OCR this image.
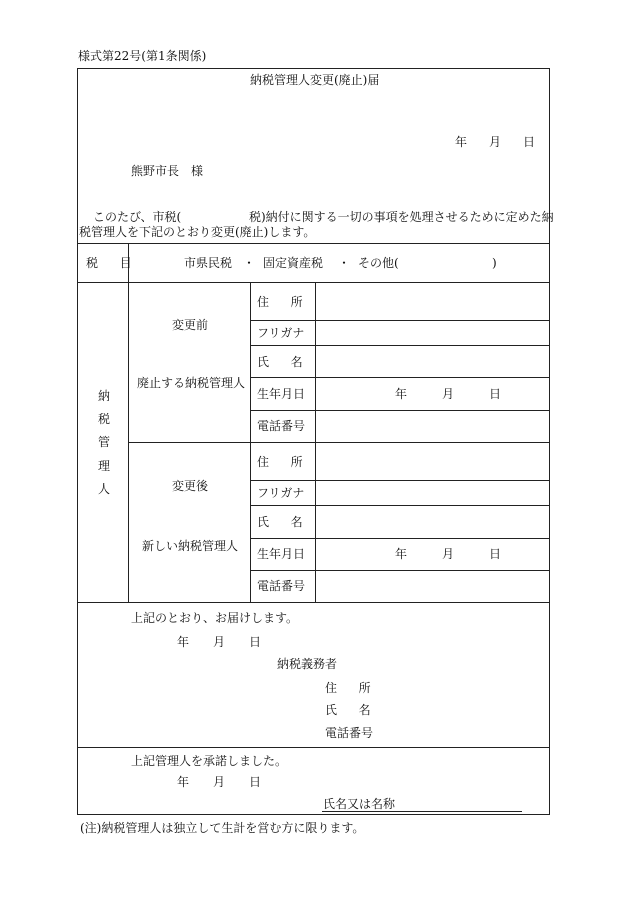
様式第22号(第1条関係)
納税管理人変更(廃止)届
年 月 日
熊野市長　様
このたび、市税(	税)納付に関する一切の事項を処理させるために定めた納
税管理人を下記のとおり変更(廃止)します。
税　目	市県民税 ・ 固定資産税 ・ その他(	)
納
税
管
理
人
変更前
廃止する納税管理人
住　所
フリガナ
氏　名
生年月日	年	月	日
電話番号
変更後
新しい納税管理人
住　所
フリガナ
氏　名
生年月日	年	月	日
電話番号
上記のとおり、お届けします。
年 月 日
納税義務者
住　所
氏　名
電話番号
上記管理人を承諾しました。
年 月 日
氏名又は名称
(注)納税管理人は独立して生計を営む方に限ります。
